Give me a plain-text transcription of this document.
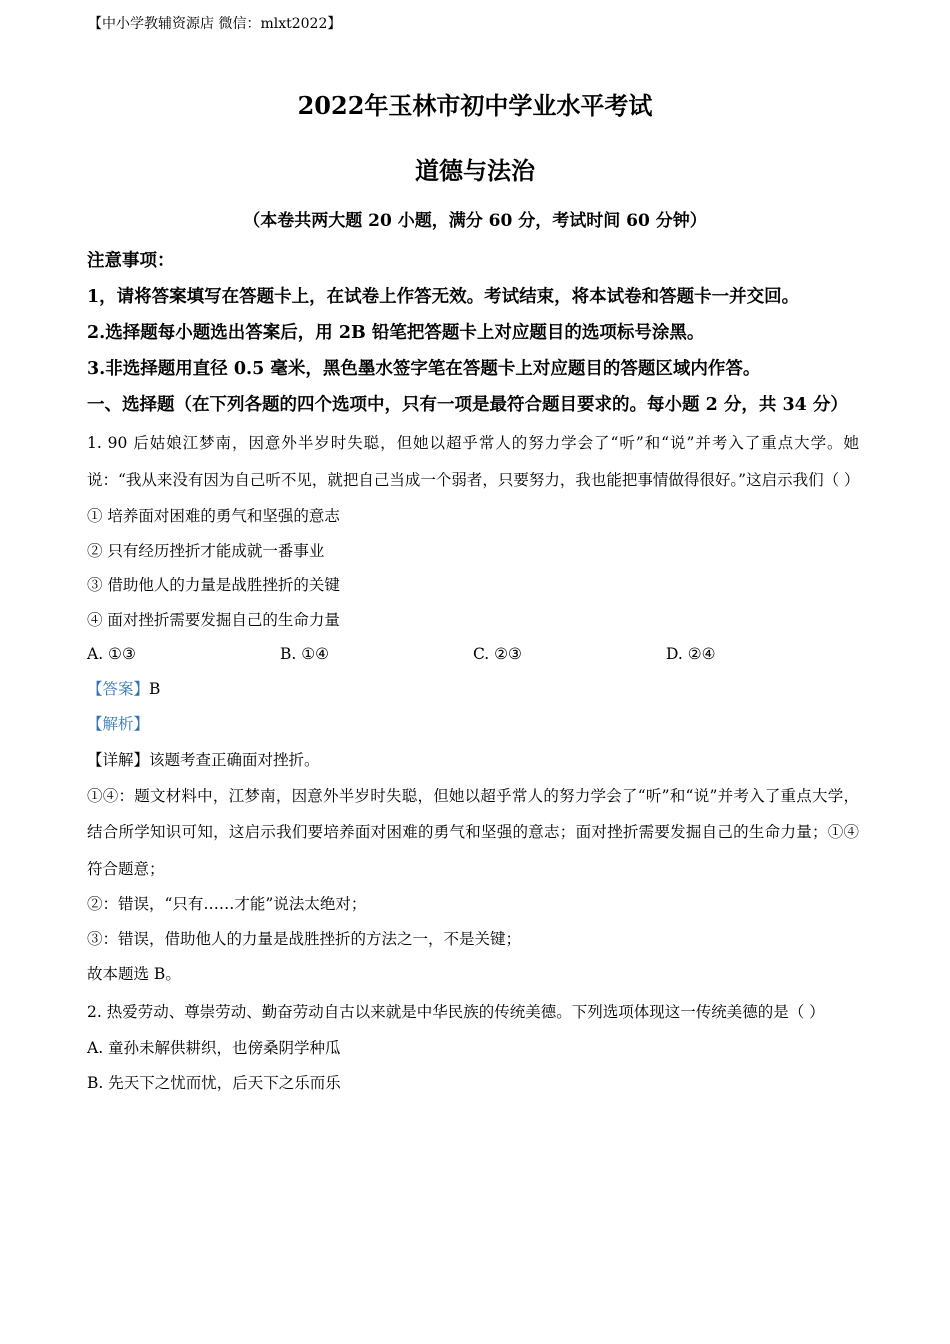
【中小学教辅资源店 微信：mlxt2022】
2022年玉林市初中学业水平考试
道德与法治
（本卷共两大题 20 小题，满分 60 分，考试时间 60 分钟）
注意事项：
1，请将答案填写在答题卡上，在试卷上作答无效。考试结束，将本试卷和答题卡一并交回。
2.选择题每小题选出答案后，用 2B 铅笔把答题卡上对应题目的选项标号涂黑。
3.非选择题用直径 0.5 毫米，黑色墨水签字笔在答题卡上对应题目的答题区域内作答。
一、选择题（在下列各题的四个选项中，只有一项是最符合题目要求的。每小题 2 分，共 34 分）
1. 90 后姑娘江梦南，因意外半岁时失聪，但她以超乎常人的努力学会了“听”和“说”并考入了重点大学。她说：“我从来没有因为自己听不见，就把自己当成一个弱者，只要努力，我也能把事情做得很好。”这启示我们（ ）
① 培养面对困难的勇气和坚强的意志
② 只有经历挫折才能成就一番事业
③ 借助他人的力量是战胜挫折的关键
④ 面对挫折需要发掘自己的生命力量
A. ①③	B. ①④	C. ②③	D. ②④
【答案】B
【解析】
【详解】该题考查正确面对挫折。
①④：题文材料中，江梦南，因意外半岁时失聪，但她以超乎常人的努力学会了“听”和“说”并考入了重点大学，结合所学知识可知，这启示我们要培养面对困难的勇气和坚强的意志；面对挫折需要发掘自己的生命力量；①④符合题意；
②：错误，“只有……才能”说法太绝对；
③：错误，借助他人的力量是战胜挫折的方法之一，不是关键；
故本题选 B。
2. 热爱劳动、尊崇劳动、勤奋劳动自古以来就是中华民族的传统美德。下列选项体现这一传统美德的是（ ）
A. 童孙未解供耕织，也傍桑阴学种瓜
B. 先天下之忧而忧，后天下之乐而乐
